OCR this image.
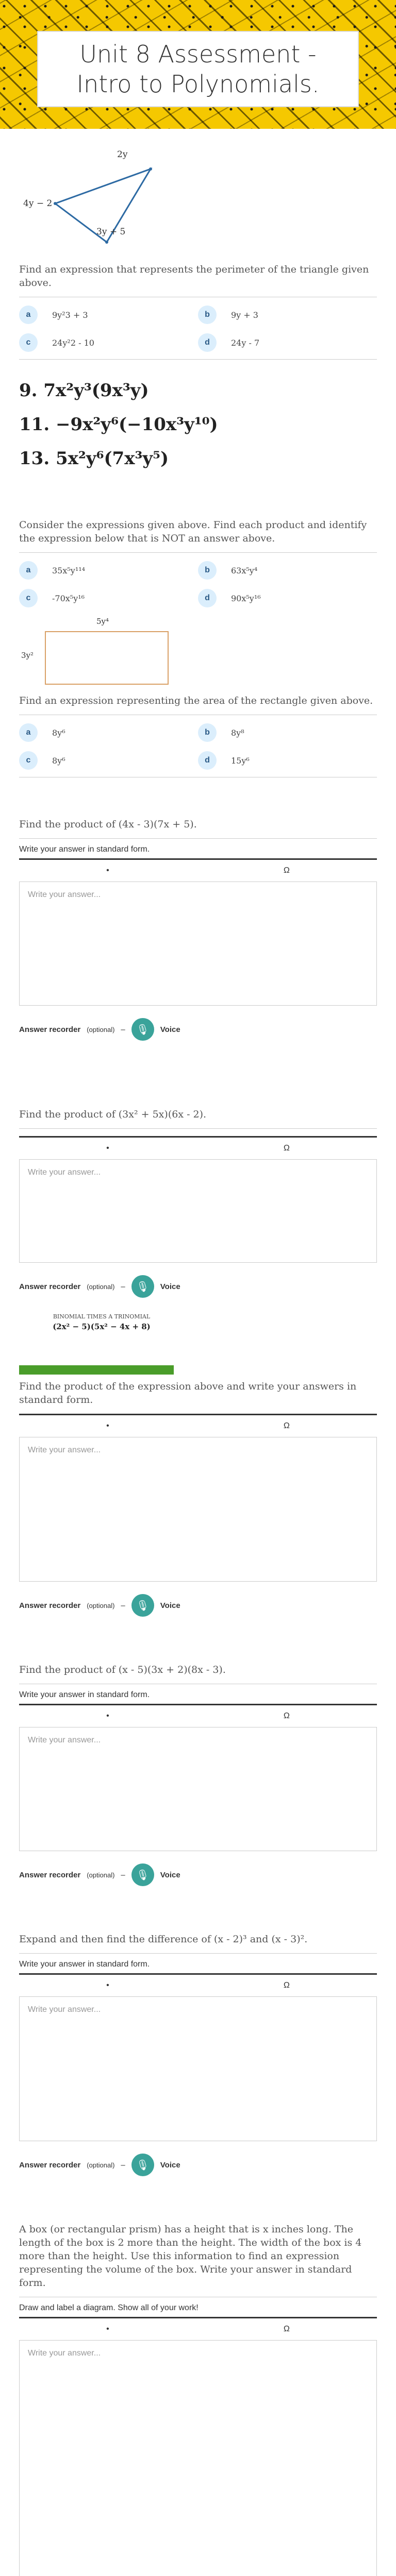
Unit 8 Assessment - Intro to Polynomials.
2y
4y − 2
3y + 5

Find an expression that represents the perimeter of the triangle given above.

a	9y²3 + 3	b	9y + 3
c	24y²2 - 10	d	24y - 7
9. 7x²y³(9x³y)
11. −9x²y⁶(−10x³y¹⁰)
13. 5x²y⁶(7x³y⁵)

Consider the expressions given above. Find each product and identify the expression below that is NOT an answer above.

a	35x⁵y¹¹⁴	b	63x⁵y⁴
c	-70x⁵y¹⁶	d	90x⁵y¹⁶
5y⁴
3y²

Find an expression representing the area of the rectangle given above.

a	8y⁶	b	8y⁸
c	8y⁶	d	15y⁶

Find the product of (4x - 3)(7x + 5).

Write your answer in standard form.
•	Ω
Write your answer...
Answer recorder (optional) –	🎙	Voice

Find the product of (3x² + 5x)(6x - 2).

•	Ω
Write your answer...
Answer recorder (optional) –	🎙	Voice
BINOMIAL TIMES A TRINOMIAL
(2x² − 5)(5x² − 4x + 8)

Find the product of the expression above and write your answers in standard form.

•	Ω
Write your answer...
Answer recorder (optional) –	🎙	Voice

Find the product of (x - 5)(3x + 2)(8x - 3).

Write your answer in standard form.
•	Ω
Write your answer...
Answer recorder (optional) –	🎙	Voice

Expand and then find the difference of (x - 2)³ and (x - 3)².

Write your answer in standard form.
•	Ω
Write your answer...
Answer recorder (optional) –	🎙	Voice

A box (or rectangular prism) has a height that is x inches long. The length of the box is 2 more than the height. The width of the box is 4 more than the height. Use this information to find an expression representing the volume of the box. Write your answer in standard form.

Draw and label a diagram. Show all of your work!
•	Ω
Write your answer...
